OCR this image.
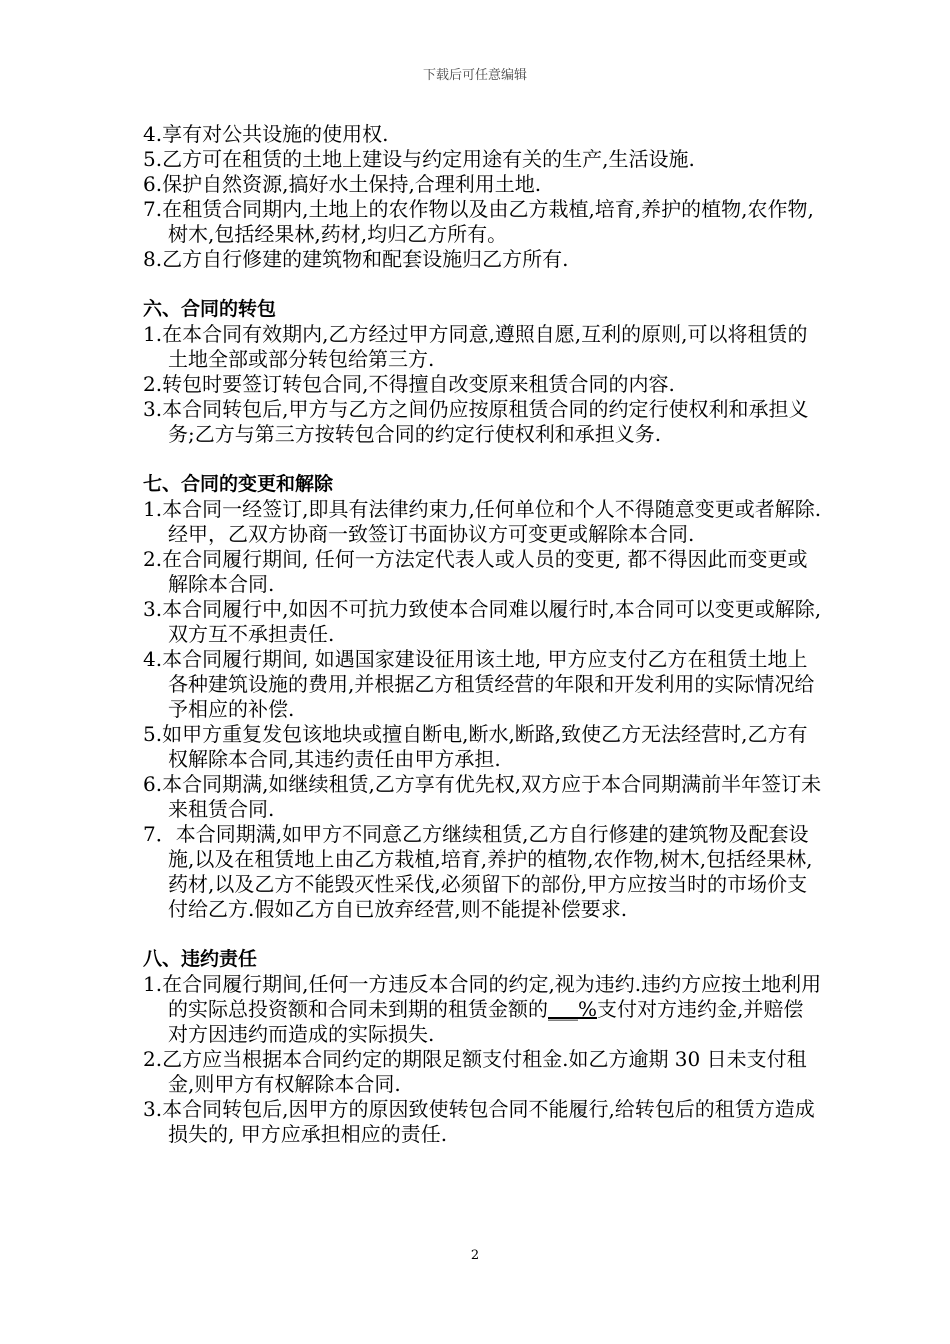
下载后可任意编辑

4.享有对公共设施的使用权.

5.乙方可在租赁的土地上建设与约定用途有关的生产,生活设施.

6.保护自然资源,搞好水土保持,合理利用土地.

7.在租赁合同期内,土地上的农作物以及由乙方栽植,培育,养护的植物,农作物,树木,包括经果林,药材,均归乙方所有。

8.乙方自行修建的建筑物和配套设施归乙方所有.

六、合同的转包

1.在本合同有效期内,乙方经过甲方同意,遵照自愿,互利的原则,可以将租赁的土地全部或部分转包给第三方.

2.转包时要签订转包合同,不得擅自改变原来租赁合同的内容.

3.本合同转包后,甲方与乙方之间仍应按原租赁合同的约定行使权利和承担义务;乙方与第三方按转包合同的约定行使权利和承担义务.

七、合同的变更和解除

1.本合同一经签订,即具有法律约束力,任何单位和个人不得随意变更或者解除.经甲，乙双方协商一致签订书面协议方可变更或解除本合同.

2.在合同履行期间, 任何一方法定代表人或人员的变更, 都不得因此而变更或解除本合同.

3.本合同履行中,如因不可抗力致使本合同难以履行时,本合同可以变更或解除,双方互不承担责任.

4.本合同履行期间, 如遇国家建设征用该土地, 甲方应支付乙方在租赁土地上各种建筑设施的费用,并根据乙方租赁经营的年限和开发利用的实际情况给予相应的补偿.

5.如甲方重复发包该地块或擅自断电,断水,断路,致使乙方无法经营时,乙方有权解除本合同,其违约责任由甲方承担.

6.本合同期满,如继续租赁,乙方享有优先权,双方应于本合同期满前半年签订未来租赁合同.

7．本合同期满,如甲方不同意乙方继续租赁,乙方自行修建的建筑物及配套设施,以及在租赁地上由乙方栽植,培育,养护的植物,农作物,树木,包括经果林,药材,以及乙方不能毁灭性采伐,必须留下的部份,甲方应按当时的市场价支付给乙方.假如乙方自已放弃经营,则不能提补偿要求.

八、违约责任

1.在合同履行期间,任何一方违反本合同的约定,视为违约.违约方应按土地利用的实际总投资额和合同未到期的租赁金额的___%支付对方违约金,并赔偿对方因违约而造成的实际损失.

2.乙方应当根据本合同约定的期限足额支付租金.如乙方逾期 30 日未支付租金,则甲方有权解除本合同.

3.本合同转包后,因甲方的原因致使转包合同不能履行,给转包后的租赁方造成损失的, 甲方应承担相应的责任.

2
